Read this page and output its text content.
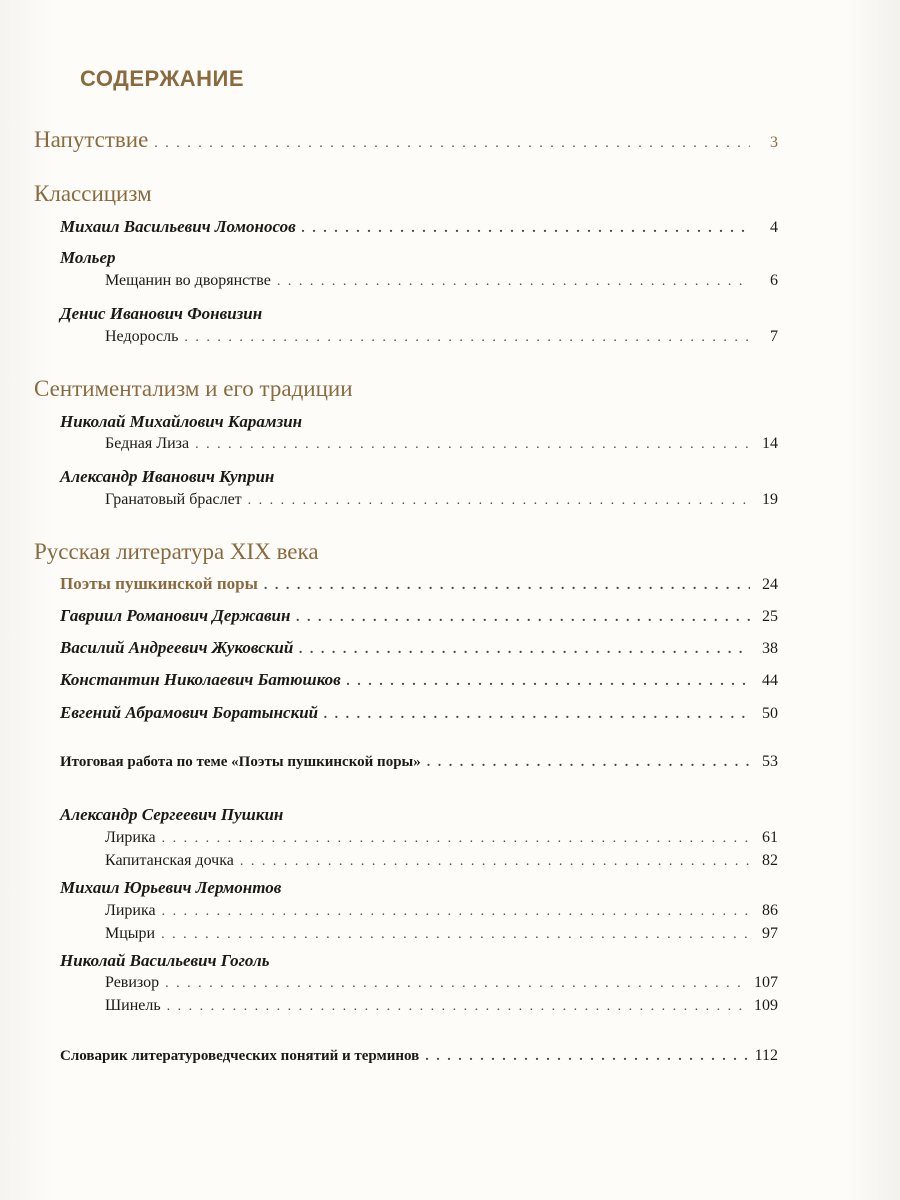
СОДЕРЖАНИЕ
Напутствие . . .	3
Классицизм
Михаил Васильевич Ломоносов . . .	4
Мольер
Мещанин во дворянстве . . .	6
Денис Иванович Фонвизин
Недоросль . . .	7
Сентиментализм и его традиции
Николай Михайлович Карамзин
Бедная Лиза . . .	14
Александр Иванович Куприн
Гранатовый браслет . . .	19
Русская литература XIX века
Поэты пушкинской поры . . .	24
Гавриил Романович Державин . . .	25
Василий Андреевич Жуковский . . .	38
Константин Николаевич Батюшков . . .	44
Евгений Абрамович Боратынский . . .	50
Итоговая работа по теме «Поэты пушкинской поры» . . .	53
Александр Сергеевич Пушкин
Лирика . . .	61
Капитанская дочка . . .	82
Михаил Юрьевич Лермонтов
Лирика . . .	86
Мцыри . . .	97
Николай Васильевич Гоголь
Ревизор . . .	107
Шинель . . .	109
Словарик литературоведческих понятий и терминов . . .	112
